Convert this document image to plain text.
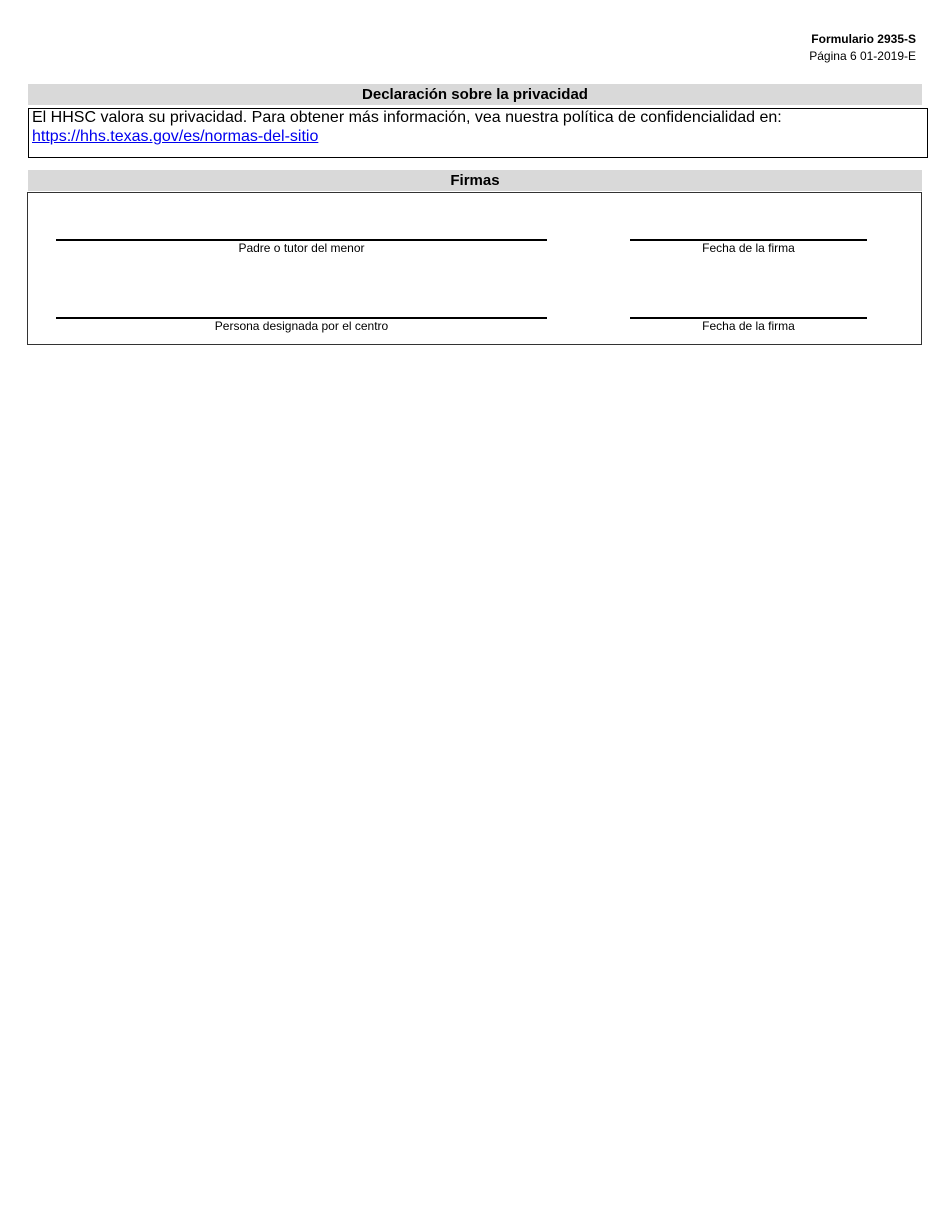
Formulario 2935-S
Página 6 01-2019-E
Declaración sobre la privacidad

El HHSC valora su privacidad. Para obtener más información, vea nuestra política de confidencialidad en: https://hhs.texas.gov/es/normas-del-sitio

Firmas
Padre o tutor del menor	Fecha de la firma
Persona designada por el centro	Fecha de la firma
